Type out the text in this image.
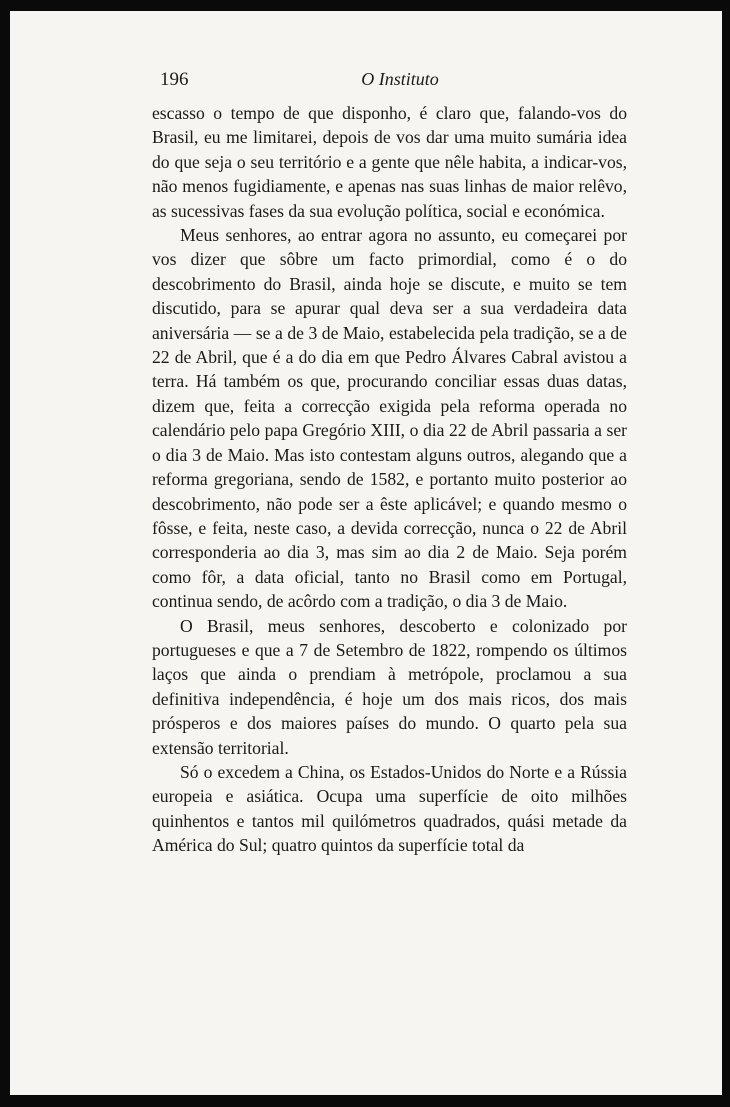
196	O Instituto

escasso o tempo de que disponho, é claro que, falando-vos do Brasil, eu me limitarei, depois de vos dar uma muito sumária idea do que seja o seu território e a gente que nêle habita, a indicar-vos, não menos fugidiamente, e apenas nas suas linhas de maior relêvo, as sucessivas fases da sua evolução política, social e económica.

Meus senhores, ao entrar agora no assunto, eu começarei por vos dizer que sôbre um facto primordial, como é o do descobrimento do Brasil, ainda hoje se discute, e muito se tem discutido, para se apurar qual deva ser a sua verdadeira data aniversária — se a de 3 de Maio, estabelecida pela tradição, se a de 22 de Abril, que é a do dia em que Pedro Álvares Cabral avistou a terra. Há também os que, procurando conciliar essas duas datas, dizem que, feita a correcção exigida pela reforma operada no calendário pelo papa Gregório XIII, o dia 22 de Abril passaria a ser o dia 3 de Maio. Mas isto contestam alguns outros, alegando que a reforma gregoriana, sendo de 1582, e portanto muito posterior ao descobrimento, não pode ser a êste aplicável; e quando mesmo o fôsse, e feita, neste caso, a devida correcção, nunca o 22 de Abril corresponderia ao dia 3, mas sim ao dia 2 de Maio. Seja porém como fôr, a data oficial, tanto no Brasil como em Portugal, continua sendo, de acôrdo com a tradição, o dia 3 de Maio.

O Brasil, meus senhores, descoberto e colonizado por portugueses e que a 7 de Setembro de 1822, rompendo os últimos laços que ainda o prendiam à metrópole, proclamou a sua definitiva independência, é hoje um dos mais ricos, dos mais prósperos e dos maiores países do mundo. O quarto pela sua extensão territorial.

Só o excedem a China, os Estados-Unidos do Norte e a Rússia europeia e asiática. Ocupa uma superfície de oito milhões quinhentos e tantos mil quilómetros quadrados, quási metade da América do Sul; quatro quintos da superfície total da
